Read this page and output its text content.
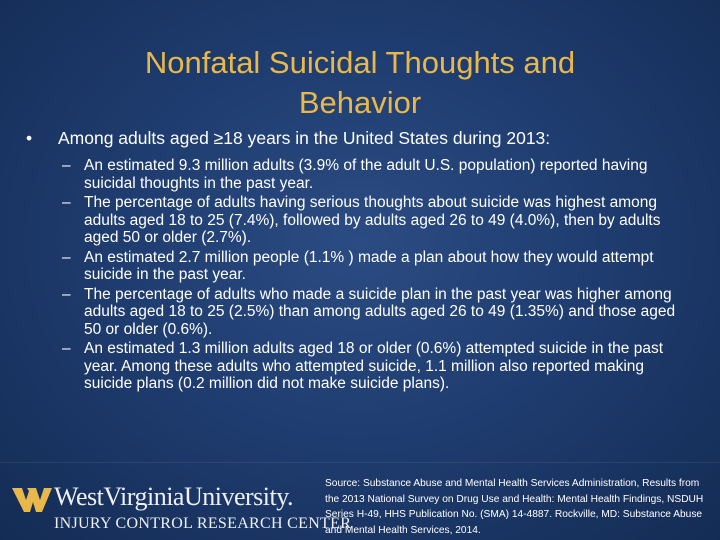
Nonfatal Suicidal Thoughts and
Behavior
•	Among adults aged ≥18 years in the United States during 2013:
– An estimated 9.3 million adults (3.9% of the adult U.S. population) reported having suicidal thoughts in the past year.
– The percentage of adults having serious thoughts about suicide was highest among adults aged 18 to 25 (7.4%), followed by adults aged 26 to 49 (4.0%), then by adults aged 50 or older (2.7%).
– An estimated 2.7 million people (1.1% ) made a plan about how they would attempt suicide in the past year.
– The percentage of adults who made a suicide plan in the past year was higher among adults aged 18 to 25 (2.5%) than among adults aged 26 to 49 (1.35%) and those aged 50 or older (0.6%).
– An estimated 1.3 million adults aged 18 or older (0.6%) attempted suicide in the past year. Among these adults who attempted suicide, 1.1 million also reported making suicide plans (0.2 million did not make suicide plans).
WestVirginiaUniversity.
INJURY CONTROL RESEARCH CENTER
Source: Substance Abuse and Mental Health Services Administration, Results from the 2013 National Survey on Drug Use and Health: Mental Health Findings, NSDUH Series H-49, HHS Publication No. (SMA) 14-4887. Rockville, MD: Substance Abuse and Mental Health Services, 2014.
